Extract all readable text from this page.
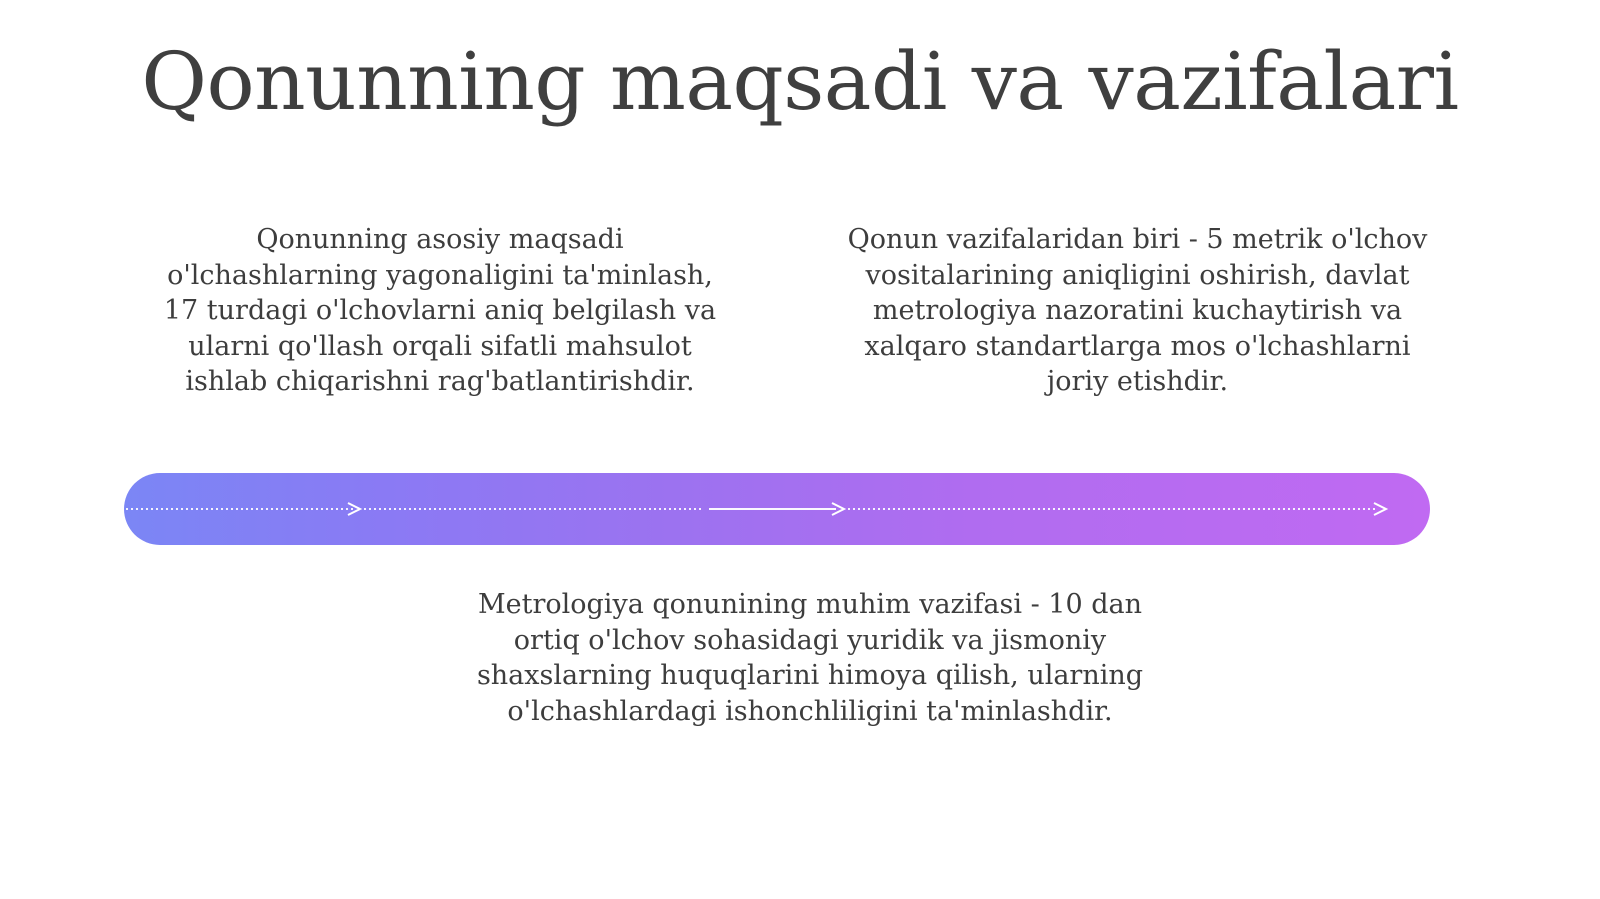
Qonunning maqsadi va vazifalari

Qonunning asosiy maqsadi o'lchashlarning yagonaligini ta'minlash, 17 turdagi o'lchovlarni aniq belgilash va ularni qo'llash orqali sifatli mahsulot ishlab chiqarishni rag'batlantirishdir.

Qonun vazifalaridan biri - 5 metrik o'lchov vositalarining aniqligini oshirish, davlat metrologiya nazoratini kuchaytirish va xalqaro standartlarga mos o'lchashlarni joriy etishdir.

Metrologiya qonunining muhim vazifasi - 10 dan ortiq o'lchov sohasidagi yuridik va jismoniy shaxslarning huquqlarini himoya qilish, ularning o'lchashlardagi ishonchliligini ta'minlashdir.
